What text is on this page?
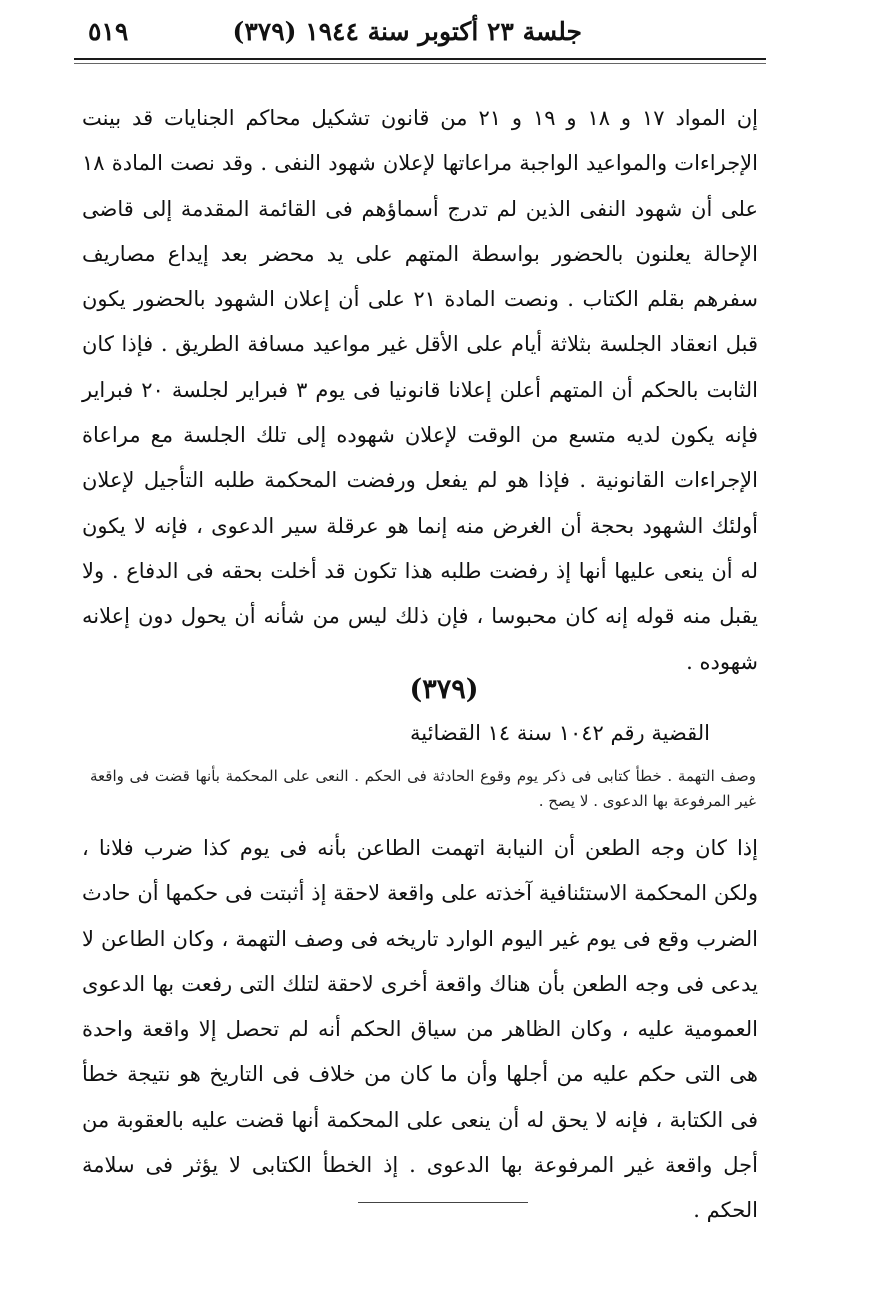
جلسة ٢٣ أكتوبر سنة ١٩٤٤ (٣٧٩)
٥١٩
إن المواد ١٧ و ١٨ و ١٩ و ٢١ من قانون تشكيل محاكم الجنايات قد بينت الإجراءات والمواعيد الواجبة مراعاتها لإعلان شهود النفى . وقد نصت المادة ١٨ على أن شهود النفى الذين لم تدرج أسماؤهم فى القائمة المقدمة إلى قاضى الإحالة يعلنون بالحضور بواسطة المتهم على يد محضر بعد إيداع مصاريف سفرهم بقلم الكتاب . ونصت المادة ٢١ على أن إعلان الشهود بالحضور يكون قبل انعقاد الجلسة بثلاثة أيام على الأقل غير مواعيد مسافة الطريق . فإذا كان الثابت بالحكم أن المتهم أعلن إعلانا قانونيا فى يوم ٣ فبراير لجلسة ٢٠ فبراير فإنه يكون لديه متسع من الوقت لإعلان شهوده إلى تلك الجلسة مع مراعاة الإجراءات القانونية . فإذا هو لم يفعل ورفضت المحكمة طلبه التأجيل لإعلان أولئك الشهود بحجة أن الغرض منه إنما هو عرقلة سير الدعوى ، فإنه لا يكون له أن ينعى عليها أنها إذ رفضت طلبه هذا تكون قد أخلت بحقه فى الدفاع . ولا يقبل منه قوله إنه كان محبوسا ، فإن ذلك ليس من شأنه أن يحول دون إعلانه شهوده .
(٣٧٩)
القضية رقم ١٠٤٢ سنة ١٤ القضائية
وصف التهمة . خطأ كتابى فى ذكر يوم وقوع الحادثة فى الحكم . النعى على المحكمة بأنها قضت فى واقعة غير المرفوعة بها الدعوى . لا يصح .
إذا كان وجه الطعن أن النيابة اتهمت الطاعن بأنه فى يوم كذا ضرب فلانا ، ولكن المحكمة الاستئنافية آخذته على واقعة لاحقة إذ أثبتت فى حكمها أن حادث الضرب وقع فى يوم غير اليوم الوارد تاريخه فى وصف التهمة ، وكان الطاعن لا يدعى فى وجه الطعن بأن هناك واقعة أخرى لاحقة لتلك التى رفعت بها الدعوى العمومية عليه ، وكان الظاهر من سياق الحكم أنه لم تحصل إلا واقعة واحدة هى التى حكم عليه من أجلها وأن ما كان من خلاف فى التاريخ هو نتيجة خطأ فى الكتابة ، فإنه لا يحق له أن ينعى على المحكمة أنها قضت عليه بالعقوبة من أجل واقعة غير المرفوعة بها الدعوى . إذ الخطأ الكتابى لا يؤثر فى سلامة الحكم .
